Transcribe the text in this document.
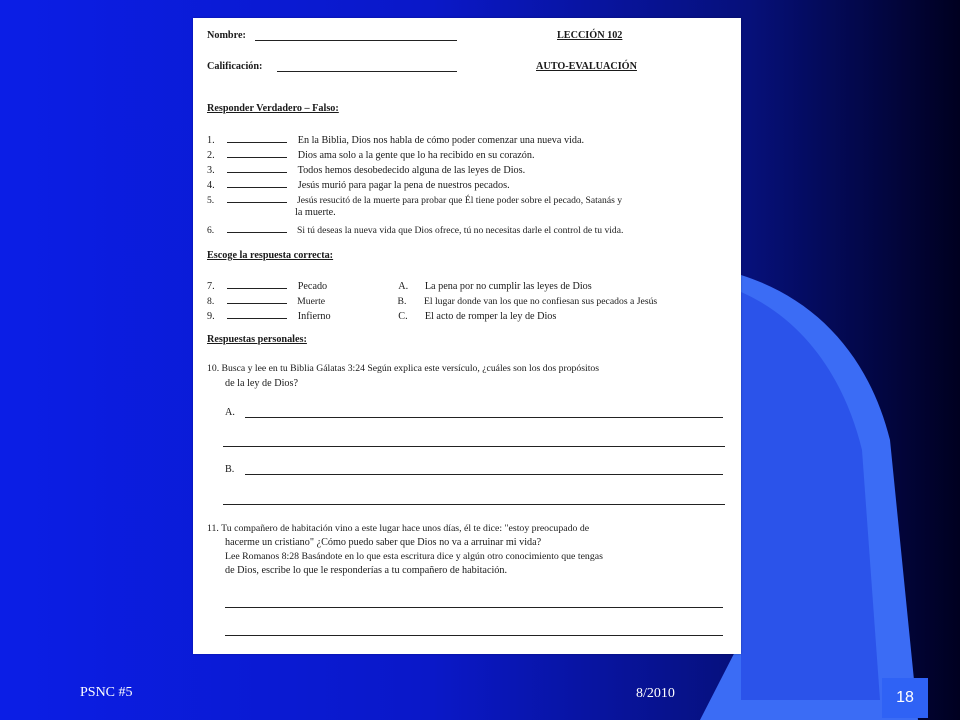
Nombre:	LECCIÓN 102
Calificación:	AUTO-EVALUACIÓN
Responder Verdadero – Falso:
1.	En la Biblia, Dios nos habla de cómo poder comenzar una nueva vida.
2.	Dios ama solo a la gente que lo ha recibido en su corazón.
3.	Todos hemos desobedecido alguna de las leyes de Dios.
4.	Jesús murió para pagar la pena de nuestros pecados.
5.	Jesús resucitó de la muerte para probar que Él tiene poder sobre el pecado, Satanás y
la muerte.
6.	Si tú deseas la nueva vida que Dios ofrece, tú no necesitas darle el control de tu vida.
Escoge la respuesta correcta:
7.	Pecado	A. La pena por no cumplir las leyes de Dios
8.	Muerte	B. El lugar donde van los que no confiesan sus pecados a Jesús
9.	Infierno	C. El acto de romper la ley de Dios
Respuestas personales:
10. Busca y lee en tu Biblia Gálatas 3:24 Según explica este versículo, ¿cuáles son los dos propósitos
de la ley de Dios?
A.
B.
11. Tu compañero de habitación vino a este lugar hace unos días, él te dice: "estoy preocupado de
hacerme un cristiano" ¿Cómo puedo saber que Dios no va a arruinar mi vida?
Lee Romanos 8:28 Basándote en lo que esta escritura dice y algún otro conocimiento que tengas
de Dios, escribe lo que le responderías a tu compañero de habitación.
PSNC #5	8/2010	18
